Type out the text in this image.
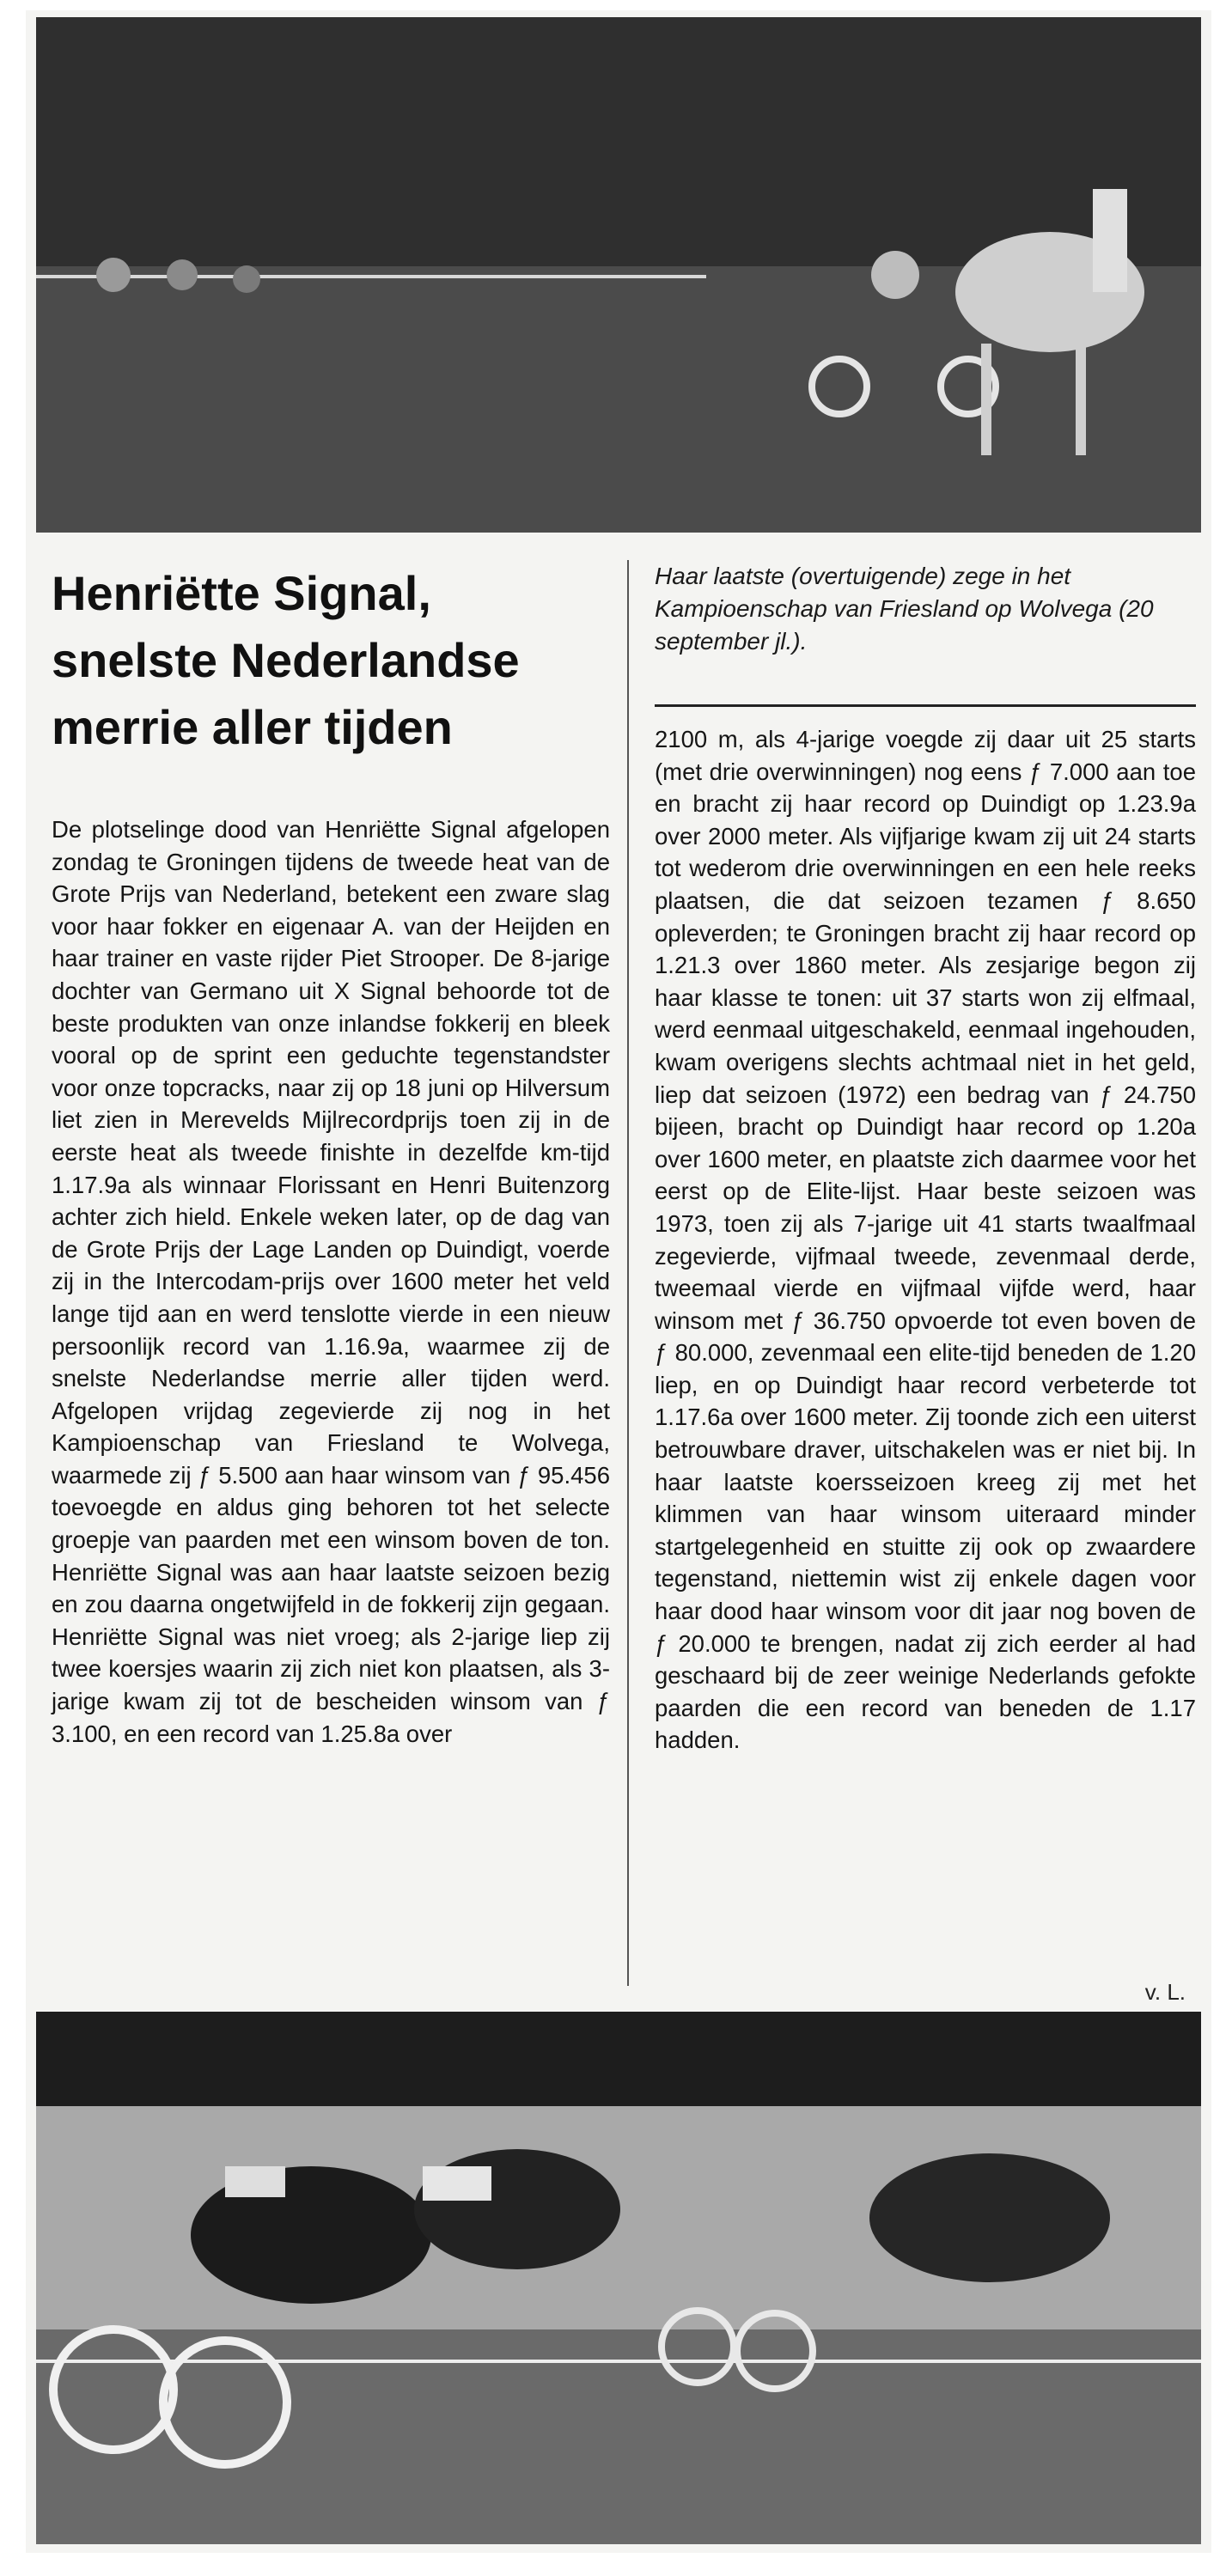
Henriëtte Signal,
snelste Nederlandse
merrie aller tijden
Haar laatste (overtuigende) zege in het Kampioenschap van Friesland op Wolvega (20 september jl.).
De plotselinge dood van Henriëtte Signal afgelopen zondag te Groningen tijdens de tweede heat van de Grote Prijs van Nederland, betekent een zware slag voor haar fokker en eigenaar A. van der Heijden en haar trainer en vaste rijder Piet Strooper. De 8-jarige dochter van Germano uit X Signal behoorde tot de beste produkten van onze inlandse fokkerij en bleek vooral op de sprint een geduchte tegenstandster voor onze topcracks, naar zij op 18 juni op Hilversum liet zien in Merevelds Mijlrecordprijs toen zij in de eerste heat als tweede finishte in dezelfde km-tijd 1.17.9a als winnaar Florissant en Henri Buitenzorg achter zich hield. Enkele weken later, op de dag van de Grote Prijs der Lage Landen op Duindigt, voerde zij in the Intercodam-prijs over 1600 meter het veld lange tijd aan en werd tenslotte vierde in een nieuw persoonlijk record van 1.16.9a, waarmee zij de snelste Nederlandse merrie aller tijden werd. Afgelopen vrijdag zegevierde zij nog in het Kampioenschap van Friesland te Wolvega, waarmede zij ƒ 5.500 aan haar winsom van ƒ 95.456 toevoegde en aldus ging behoren tot het selecte groepje van paarden met een winsom boven de ton. Henriëtte Signal was aan haar laatste seizoen bezig en zou daarna ongetwijfeld in de fokkerij zijn gegaan. Henriëtte Signal was niet vroeg; als 2-jarige liep zij twee koersjes waarin zij zich niet kon plaatsen, als 3-jarige kwam zij tot de bescheiden winsom van ƒ 3.100, en een record van 1.25.8a over
2100 m, als 4-jarige voegde zij daar uit 25 starts (met drie overwinningen) nog eens ƒ 7.000 aan toe en bracht zij haar record op Duindigt op 1.23.9a over 2000 meter. Als vijfjarige kwam zij uit 24 starts tot wederom drie overwinningen en een hele reeks plaatsen, die dat seizoen tezamen ƒ 8.650 opleverden; te Groningen bracht zij haar record op 1.21.3 over 1860 meter. Als zesjarige begon zij haar klasse te tonen: uit 37 starts won zij elfmaal, werd eenmaal uitgeschakeld, eenmaal ingehouden, kwam overigens slechts achtmaal niet in het geld, liep dat seizoen (1972) een bedrag van ƒ 24.750 bijeen, bracht op Duindigt haar record op 1.20a over 1600 meter, en plaatste zich daarmee voor het eerst op de Elite-lijst. Haar beste seizoen was 1973, toen zij als 7-jarige uit 41 starts twaalfmaal zegevierde, vijfmaal tweede, zevenmaal derde, tweemaal vierde en vijfmaal vijfde werd, haar winsom met ƒ 36.750 opvoerde tot even boven de ƒ 80.000, zevenmaal een elite-tijd beneden de 1.20 liep, en op Duindigt haar record verbeterde tot 1.17.6a over 1600 meter. Zij toonde zich een uiterst betrouwbare draver, uitschakelen was er niet bij. In haar laatste koersseizoen kreeg zij met het klimmen van haar winsom uiteraard minder startgelegenheid en stuitte zij ook op zwaardere tegenstand, niettemin wist zij enkele dagen voor haar dood haar winsom voor dit jaar nog boven de ƒ 20.000 te brengen, nadat zij zich eerder al had geschaard bij de zeer weinige Nederlands gefokte paarden die een record van beneden de 1.17 hadden.
v. L.
